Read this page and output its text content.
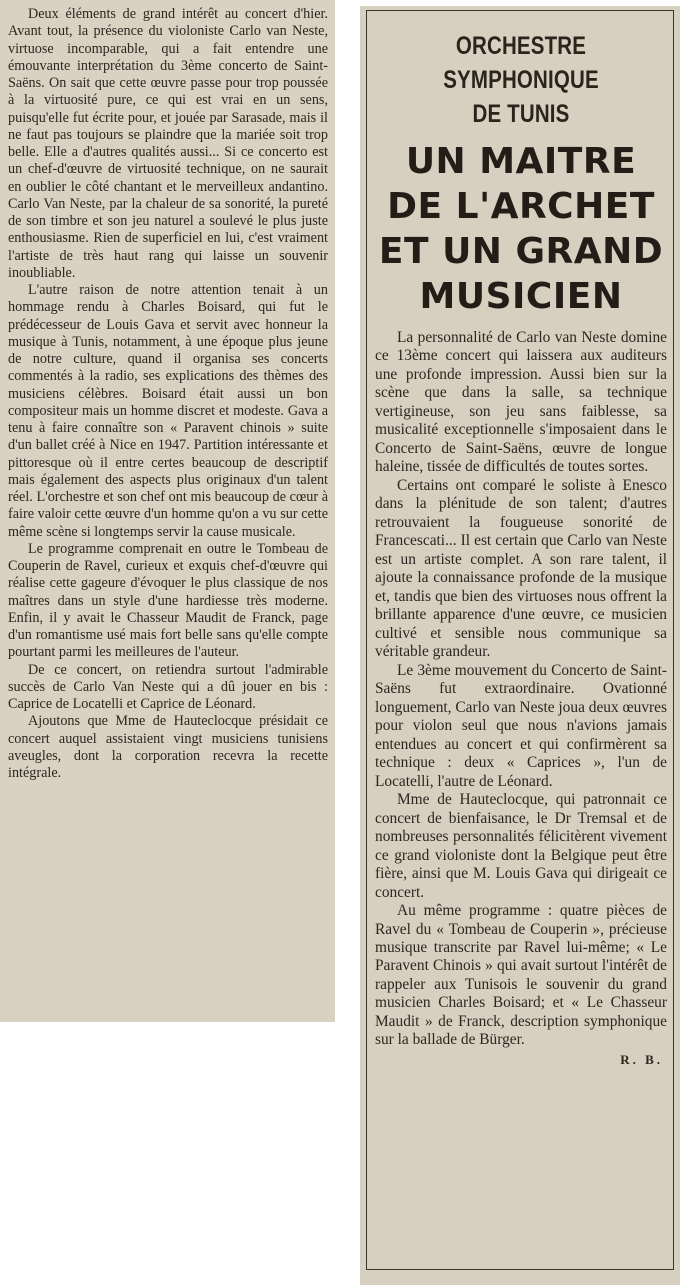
Deux éléments de grand intérêt au concert d'hier. Avant tout, la présence du violoniste Carlo van Neste, virtuose incomparable, qui a fait entendre une émouvante interprétation du 3ème concerto de Saint-Saëns. On sait que cette œuvre passe pour trop poussée à la virtuosité pure, ce qui est vrai en un sens, puisqu'elle fut écrite pour, et jouée par Sarasade, mais il ne faut pas toujours se plaindre que la mariée soit trop belle. Elle a d'autres qualités aussi... Si ce concerto est un chef-d'œuvre de virtuosité technique, on ne saurait en oublier le côté chantant et le merveilleux andantino. Carlo Van Neste, par la chaleur de sa sonorité, la pureté de son timbre et son jeu naturel a soulevé le plus juste enthousiasme. Rien de superficiel en lui, c'est vraiment l'artiste de très haut rang qui laisse un souvenir inoubliable.

L'autre raison de notre attention tenait à un hommage rendu à Charles Boisard, qui fut le prédécesseur de Louis Gava et servit avec honneur la musique à Tunis, notamment, à une époque plus jeune de notre culture, quand il organisa ses concerts commentés à la radio, ses explications des thèmes des musiciens célèbres. Boisard était aussi un bon compositeur mais un homme discret et modeste. Gava a tenu à faire connaître son « Paravent chinois » suite d'un ballet créé à Nice en 1947. Partition intéressante et pittoresque où il entre certes beaucoup de descriptif mais également des aspects plus originaux d'un talent réel. L'orchestre et son chef ont mis beaucoup de cœur à faire valoir cette œuvre d'un homme qu'on a vu sur cette même scène si longtemps servir la cause musicale.

Le programme comprenait en outre le Tombeau de Couperin de Ravel, curieux et exquis chef-d'œuvre qui réalise cette gageure d'évoquer le plus classique de nos maîtres dans un style d'une hardiesse très moderne. Enfin, il y avait le Chasseur Maudit de Franck, page d'un romantisme usé mais fort belle sans qu'elle compte pourtant parmi les meilleures de l'auteur.

De ce concert, on retiendra surtout l'admirable succès de Carlo Van Neste qui a dû jouer en bis : Caprice de Locatelli et Caprice de Léonard.

Ajoutons que Mme de Hauteclocque présidait ce concert auquel assistaient vingt musiciens tunisiens aveugles, dont la corporation recevra la recette intégrale.

ORCHESTRE SYMPHONIQUE
DE TUNIS
UN MAITRE
DE L'ARCHET
ET UN GRAND
MUSICIEN

La personnalité de Carlo van Neste domine ce 13ème concert qui laissera aux auditeurs une profonde impression. Aussi bien sur la scène que dans la salle, sa technique vertigineuse, son jeu sans faiblesse, sa musicalité exceptionnelle s'imposaient dans le Concerto de Saint-Saëns, œuvre de longue haleine, tissée de difficultés de toutes sortes.

Certains ont comparé le soliste à Enesco dans la plénitude de son talent; d'autres retrouvaient la fougueuse sonorité de Francescati... Il est certain que Carlo van Neste est un artiste complet. A son rare talent, il ajoute la connaissance profonde de la musique et, tandis que bien des virtuoses nous offrent la brillante apparence d'une œuvre, ce musicien cultivé et sensible nous communique sa véritable grandeur.

Le 3ème mouvement du Concerto de Saint-Saëns fut extraordinaire. Ovationné longuement, Carlo van Neste joua deux œuvres pour violon seul que nous n'avions jamais entendues au concert et qui confirmèrent sa technique : deux « Caprices », l'un de Locatelli, l'autre de Léonard.

Mme de Hauteclocque, qui patronnait ce concert de bienfaisance, le Dr Tremsal et de nombreuses personnalités félicitèrent vivement ce grand violoniste dont la Belgique peut être fière, ainsi que M. Louis Gava qui dirigeait ce concert.

Au même programme : quatre pièces de Ravel du « Tombeau de Couperin », précieuse musique transcrite par Ravel lui-même; « Le Paravent Chinois » qui avait surtout l'intérêt de rappeler aux Tunisois le souvenir du grand musicien Charles Boisard; et « Le Chasseur Maudit » de Franck, description symphonique sur la ballade de Bürger.

R. B.
